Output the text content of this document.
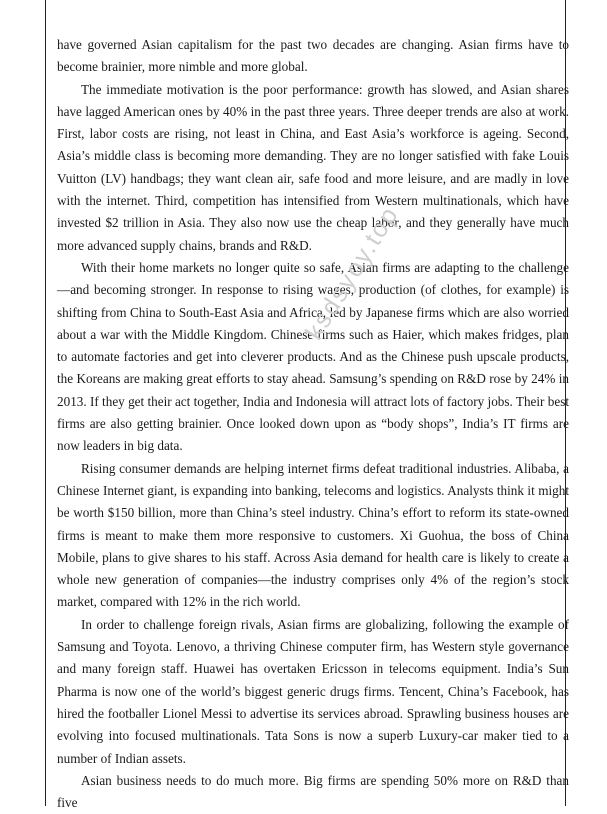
have governed Asian capitalism for the past two decades are changing. Asian firms have to become brainier, more nimble and more global.

The immediate motivation is the poor performance: growth has slowed, and Asian shares have lagged American ones by 40% in the past three years. Three deeper trends are also at work. First, labor costs are rising, not least in China, and East Asia’s workforce is ageing. Second, Asia’s middle class is becoming more demanding. They are no longer satisfied with fake Louis Vuitton (LV) handbags; they want clean air, safe food and more leisure, and are madly in love with the internet. Third, competition has intensified from Western multinationals, which have invested $2 trillion in Asia. They also now use the cheap labor, and they generally have much more advanced supply chains, brands and R&D.

With their home markets no longer quite so safe, Asian firms are adapting to the challenge—and becoming stronger. In response to rising wages, production (of clothes, for example) is shifting from China to South-East Asia and Africa, led by Japanese firms which are also worried about a war with the Middle Kingdom. Chinese firms such as Haier, which makes fridges, plan to automate factories and get into cleverer products. And as the Chinese push upscale products, the Koreans are making great efforts to stay ahead. Samsung’s spending on R&D rose by 24% in 2013. If they get their act together, India and Indonesia will attract lots of factory jobs. Their best firms are also getting brainier. Once looked down upon as “body shops”, India’s IT firms are now leaders in big data.

Rising consumer demands are helping internet firms defeat traditional industries. Alibaba, a Chinese Internet giant, is expanding into banking, telecoms and logistics. Analysts think it might be worth $150 billion, more than China’s steel industry. China’s effort to reform its state-owned firms is meant to make them more responsive to customers. Xi Guohua, the boss of China Mobile, plans to give shares to his staff. Across Asia demand for health care is likely to create a whole new generation of companies—the industry comprises only 4% of the region’s stock market, compared with 12% in the rich world.

In order to challenge foreign rivals, Asian firms are globalizing, following the example of Samsung and Toyota. Lenovo, a thriving Chinese computer firm, has Western style governance and many foreign staff. Huawei has overtaken Ericsson in telecoms equipment. India’s Sun Pharma is now one of the world’s biggest generic drugs firms. Tencent, China’s Facebook, has hired the footballer Lionel Messi to advertise its services abroad. Sprawling business houses are evolving into focused multinationals. Tata Sons is now a superb Luxury-car maker tied to a number of Indian assets.

Asian business needs to do much more. Big firms are spending 50% more on R&D than five

ksdsyoy.top
